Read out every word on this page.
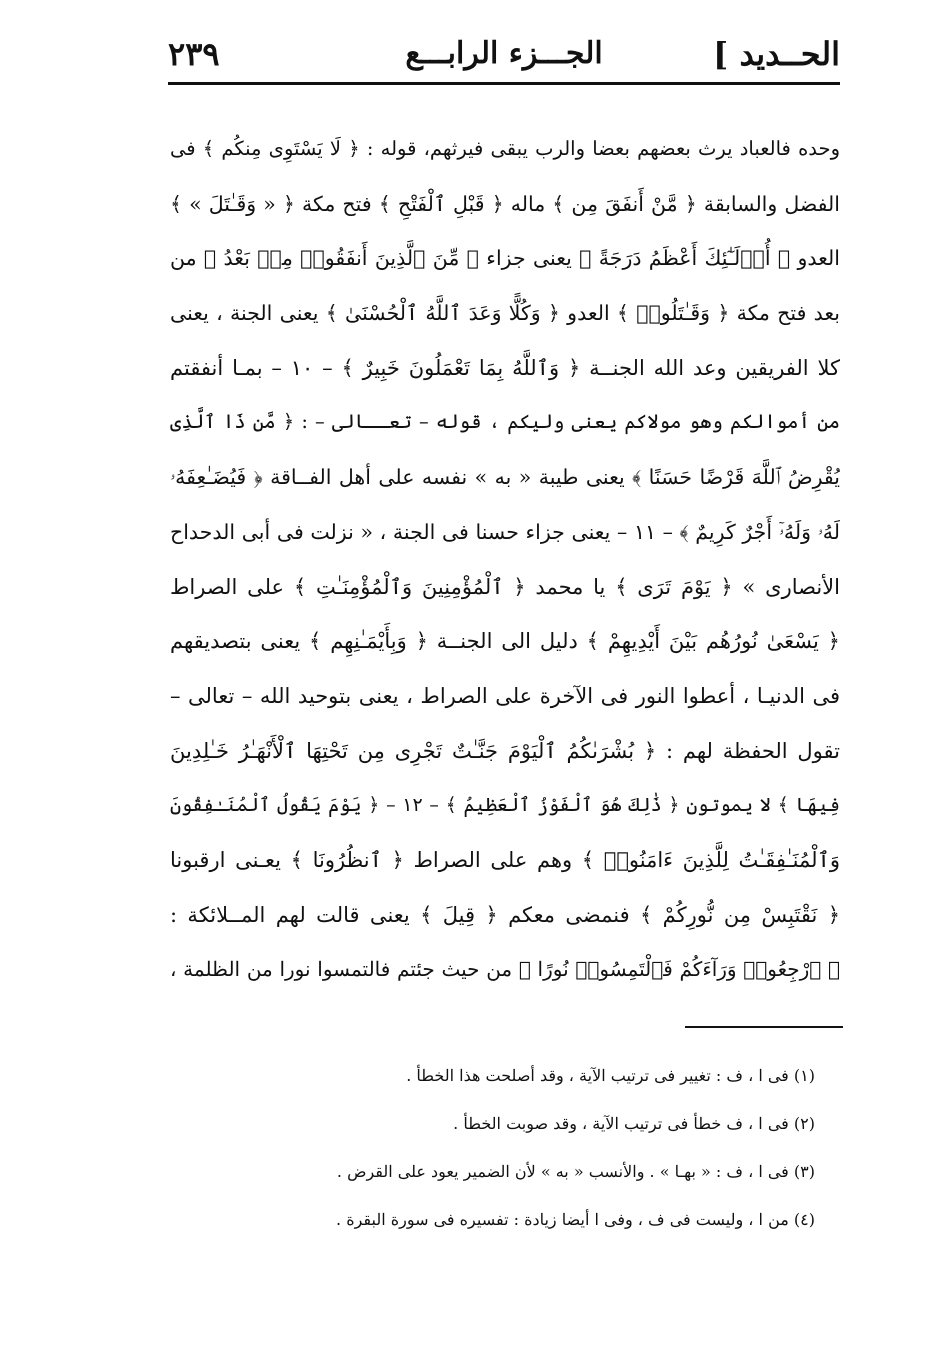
الحــديد ]
الجـــزء الرابـــع
٢٣٩
وحده فالعباد يرث بعضهم بعضا والرب يبقى فيرثهم، قوله : ﴿ لَا يَسْتَوِى مِنكُم ﴾ فى
الفضل والسابقة ﴿ مَّنْ أَنفَقَ مِن ﴾ ماله ﴿ قَبْلِ ٱلْفَتْحِ ﴾ فتح مكة ﴿ « وَقَـٰتَلَ » ﴾
العدو ﴿ أُو۟لَـٰٓئِكَ أَعْظَمُ دَرَجَةً ﴾ يعنى جزاء ﴿ مِّنَ ٱلَّذِينَ أَنفَقُوا۟ مِنۢ بَعْدُ ﴾ من
بعد فتح مكة ﴿ وَقَـٰتَلُوا۟ ﴾ العدو ﴿ وَكُلًّا وَعَدَ ٱللَّهُ ٱلْحُسْنَىٰ ﴾ يعنى الجنة ، يعنى
كلا الفريقين وعد الله الجنــة ﴿ وَٱللَّهُ بِمَا تَعْمَلُونَ خَبِيرٌ ﴾ – ١٠ – بمـا أنفقتم
من أموالكم وهو مولاكم يعنى وليكم ، قوله – تعــالى – : ﴿ مَّن ذَا ٱلَّذِى
يُقْرِضُ ٱللَّهَ قَرْضًا حَسَنًا ﴾ يعنى طيبة « به » نفسه على أهل الفــاقة ﴿ فَيُضَـٰعِفَهُۥ
لَهُۥ وَلَهُۥٓ أَجْرٌ كَرِيمٌ ﴾ – ١١ – يعنى جزاء حسنا فى الجنة ، « نزلت فى أبى الدحداح
الأنصارى » ﴿ يَوْمَ تَرَى ﴾ يا محمد ﴿ ٱلْمُؤْمِنِينَ وَٱلْمُؤْمِنَـٰتِ ﴾ على الصراط
﴿ يَسْعَىٰ نُورُهُم بَيْنَ أَيْدِيهِمْ ﴾ دليل الى الجنــة ﴿ وَبِأَيْمَـٰنِهِم ﴾ يعنى بتصديقهم
فى الدنيـا ، أعطوا النور فى الآخرة على الصراط ، يعنى بتوحيد الله – تعالى –
تقول الحفظة لهم : ﴿ بُشْرَىٰكُمُ ٱلْيَوْمَ جَنَّـٰتٌ تَجْرِى مِن تَحْتِهَا ٱلْأَنْهَـٰرُ خَـٰلِدِينَ
فِيهَا ﴾ لا يموتون ﴿ ذَٰلِكَ هُوَ ٱلْفَوْزُ ٱلْعَظِيمُ ﴾ – ١٢ – ﴿ يَوْمَ يَقُولُ ٱلْمُنَـٰفِقُونَ
وَٱلْمُنَـٰفِقَـٰتُ لِلَّذِينَ ءَامَنُوا۟ ﴾ وهم على الصراط ﴿ ٱنظُرُونَا ﴾ يعـنى ارقبونا
﴿ نَقْتَبِسْ مِن نُّورِكُمْ ﴾ فنمضى معكم ﴿ قِيلَ ﴾ يعنى قالت لهم المــلائكة :
﴿ ٱرْجِعُوا۟ وَرَآءَكُمْ فَٱلْتَمِسُوا۟ نُورًا ﴾ من حيث جئتم فالتمسوا نورا من الظلمة ،
(١) فى ا ، ف : تغيير فى ترتيب الآية ، وقد أصلحت هذا الخطأ .
(٢) فى ا ، ف خطأ فى ترتيب الآية ، وقد صوبت الخطأ .
(٣) فى ا ، ف : « بهـا » . والأنسب « به » لأن الضمير يعود على القرض .
(٤) من ا ، وليست فى ف ، وفى ا أيضا زيادة : تفسيره فى سورة البقرة .
